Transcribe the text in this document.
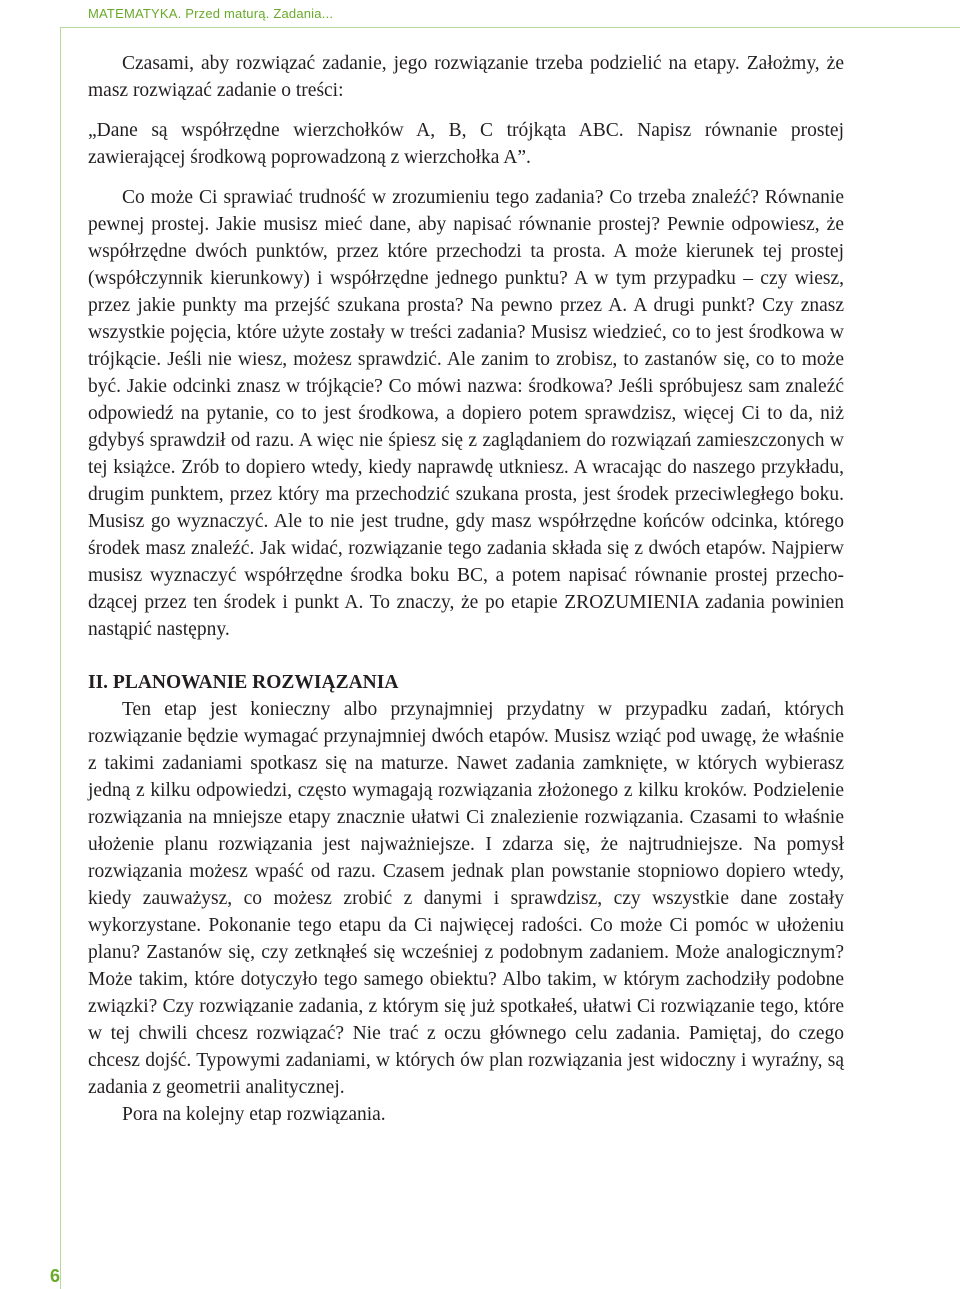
MATEMATYKA. Przed maturą. Zadania...

Czasami, aby rozwiązać zadanie, jego rozwiązanie trzeba podzielić na etapy. Założmy, że masz rozwiązać zadanie o treści:

„Dane są współrzędne wierzchołków A, B, C trójkąta ABC. Napisz równanie prostej zawierającej środkową poprowadzoną z wierzchołka A”.

Co może Ci sprawiać trudność w zrozumieniu tego zadania? Co trzeba znaleźć? Równanie pewnej prostej. Jakie musisz mieć dane, aby napisać równanie prostej? Pewnie odpowiesz, że współrzędne dwóch punktów, przez które przechodzi ta prosta. A może kierunek tej prostej (współczynnik kierunkowy) i współrzędne jednego punktu? A w tym przypadku – czy wiesz, przez jakie punkty ma przejść szukana prosta? Na pewno przez A. A drugi punkt? Czy znasz wszystkie pojęcia, które użyte zostały w treści zadania? Musisz wiedzieć, co to jest środkowa w trójkącie. Jeśli nie wiesz, możesz sprawdzić. Ale zanim to zrobisz, to zastanów się, co to może być. Jakie odcinki znasz w trójkącie? Co mówi nazwa: środkowa? Jeśli spróbujesz sam znaleźć odpowiedź na pytanie, co to jest środkowa, a dopiero potem sprawdzisz, więcej Ci to da, niż gdybyś sprawdził od razu. A więc nie śpiesz się z zaglądaniem do rozwiązań zamieszczonych w tej książce. Zrób to dopiero wtedy, kiedy naprawdę utkniesz. A wracając do naszego przykładu, drugim punktem, przez który ma przechodzić szukana prosta, jest środek przeciwległego boku. Musisz go wyznaczyć. Ale to nie jest trudne, gdy masz współrzędne końców odcinka, którego środek masz znaleźć. Jak widać, rozwiązanie tego zadania składa się z dwóch etapów. Najpierw musisz wyznaczyć współrzędne środka boku BC, a potem napisać równanie prostej przechodzącej przez ten środek i punkt A. To znaczy, że po etapie ZROZUMIENIA zadania powinien nastąpić następny.

II. PLANOWANIE ROZWIĄZANIA

Ten etap jest konieczny albo przynajmniej przydatny w przypadku zadań, których rozwiązanie będzie wymagać przynajmniej dwóch etapów. Musisz wziąć pod uwagę, że właśnie z takimi zadaniami spotkasz się na maturze. Nawet zadania zamknięte, w których wybierasz jedną z kilku odpowiedzi, często wymagają rozwiązania złożonego z kilku kroków. Podzielenie rozwiązania na mniejsze etapy znacznie ułatwi Ci znalezienie rozwiązania. Czasami to właśnie ułożenie planu rozwiązania jest najważniejsze. I zdarza się, że najtrudniejsze. Na pomysł rozwiązania możesz wpaść od razu. Czasem jednak plan powstanie stopniowo dopiero wtedy, kiedy zauważysz, co możesz zrobić z danymi i sprawdzisz, czy wszystkie dane zostały wykorzystane. Pokonanie tego etapu da Ci najwięcej radości. Co może Ci pomóc w ułożeniu planu? Zastanów się, czy zetknąłeś się wcześniej z podobnym zadaniem. Może analogicznym? Może takim, które dotyczyło tego samego obiektu? Albo takim, w którym zachodziły podobne związki? Czy rozwiązanie zadania, z którym się już spotkałeś, ułatwi Ci rozwiązanie tego, które w tej chwili chcesz rozwiązać? Nie trać z oczu głównego celu zadania. Pamiętaj, do czego chcesz dojść. Typowymi zadaniami, w których ów plan rozwiązania jest widoczny i wyraźny, są zadania z geometrii analitycznej.

Pora na kolejny etap rozwiązania.

6
